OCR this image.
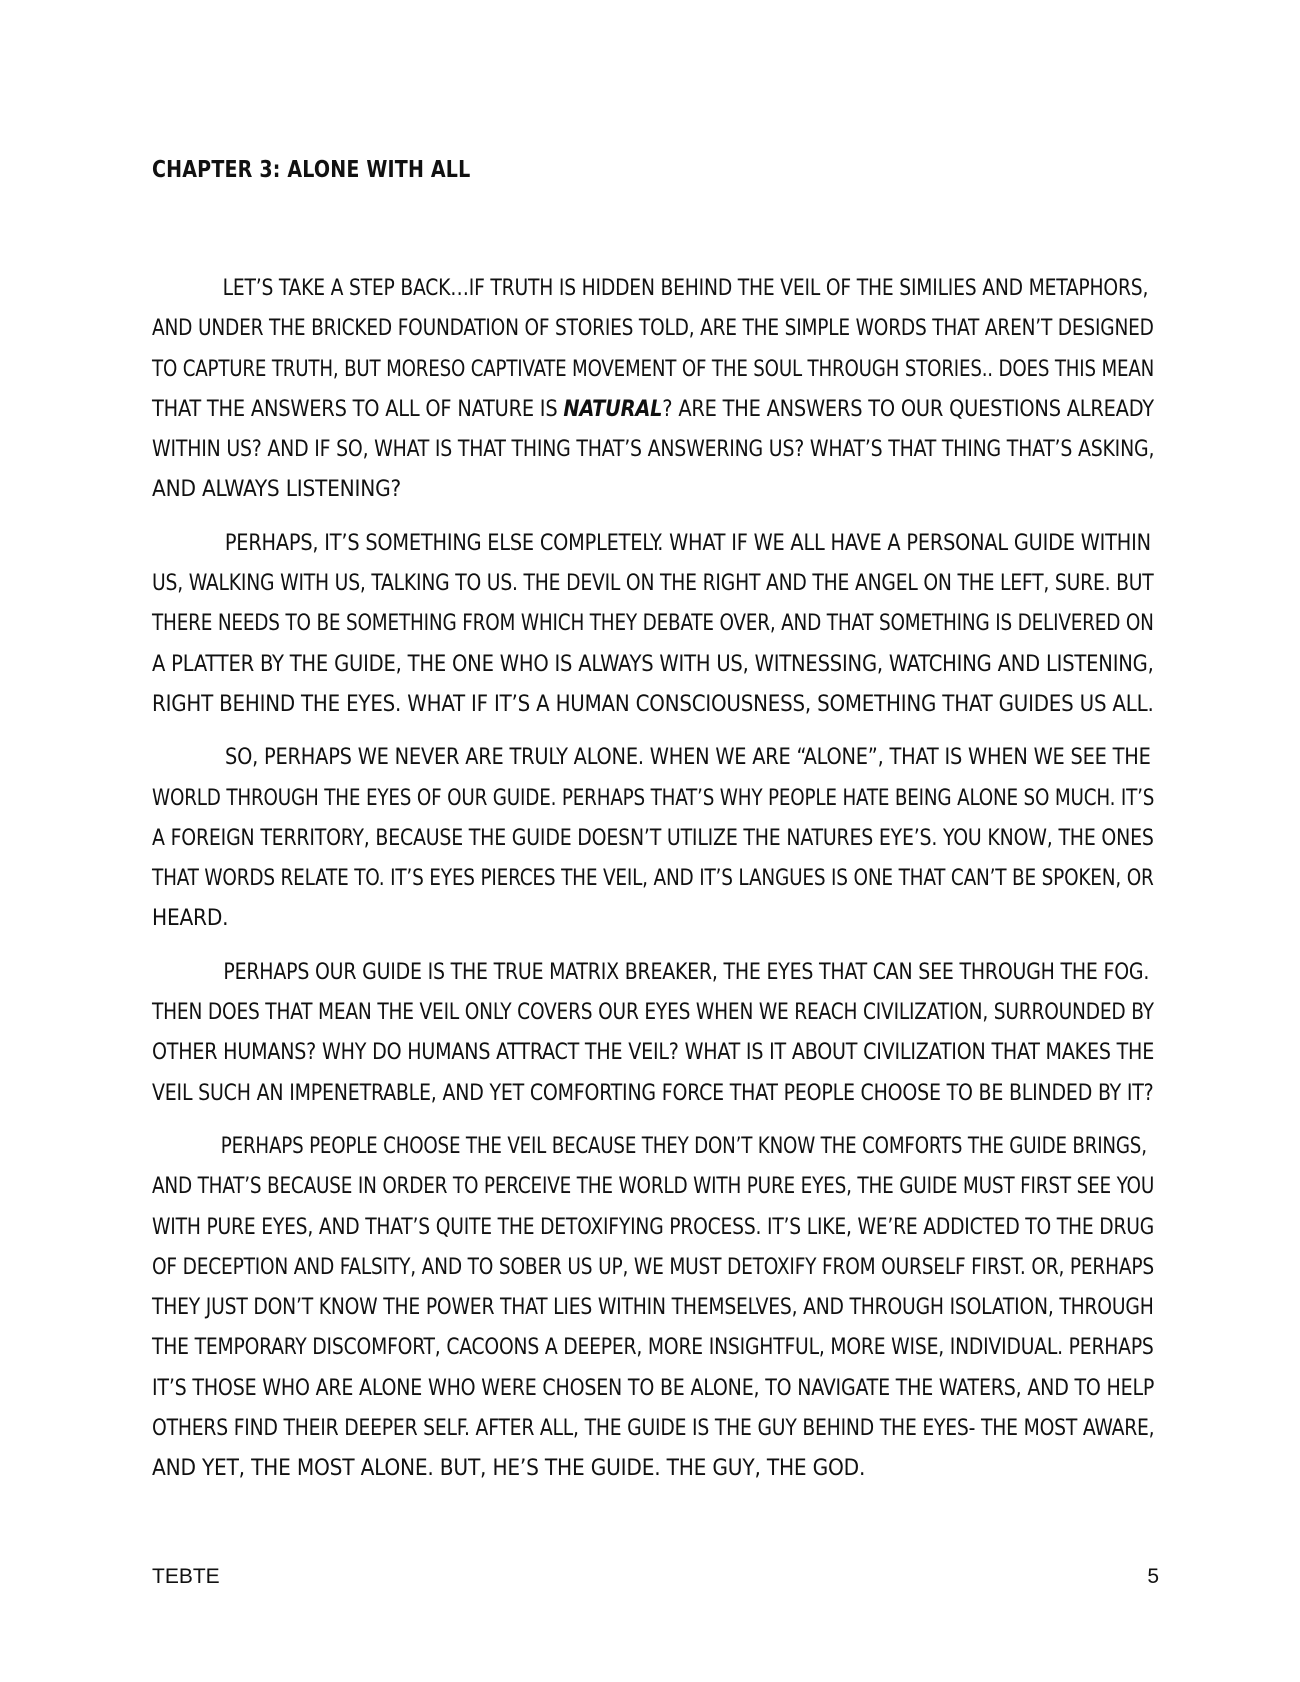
CHAPTER 3: ALONE WITH ALL

LET’S TAKE A STEP BACK…IF TRUTH IS HIDDEN BEHIND THE VEIL OF THE SIMILIES AND METAPHORS,
AND UNDER THE BRICKED FOUNDATION OF STORIES TOLD, ARE THE SIMPLE WORDS THAT AREN’T DESIGNED
TO CAPTURE TRUTH, BUT MORESO CAPTIVATE MOVEMENT OF THE SOUL THROUGH STORIES.. DOES THIS MEAN
THAT THE ANSWERS TO ALL OF NATURE IS NATURAL? ARE THE ANSWERS TO OUR QUESTIONS ALREADY
WITHIN US? AND IF SO, WHAT IS THAT THING THAT’S ANSWERING US? WHAT’S THAT THING THAT’S ASKING,
AND ALWAYS LISTENING?

PERHAPS, IT’S SOMETHING ELSE COMPLETELY. WHAT IF WE ALL HAVE A PERSONAL GUIDE WITHIN
US, WALKING WITH US, TALKING TO US. THE DEVIL ON THE RIGHT AND THE ANGEL ON THE LEFT, SURE. BUT
THERE NEEDS TO BE SOMETHING FROM WHICH THEY DEBATE OVER, AND THAT SOMETHING IS DELIVERED ON
A PLATTER BY THE GUIDE, THE ONE WHO IS ALWAYS WITH US, WITNESSING, WATCHING AND LISTENING,
RIGHT BEHIND THE EYES. WHAT IF IT’S A HUMAN CONSCIOUSNESS, SOMETHING THAT GUIDES US ALL.

SO, PERHAPS WE NEVER ARE TRULY ALONE. WHEN WE ARE “ALONE”, THAT IS WHEN WE SEE THE
WORLD THROUGH THE EYES OF OUR GUIDE. PERHAPS THAT’S WHY PEOPLE HATE BEING ALONE SO MUCH. IT’S
A FOREIGN TERRITORY, BECAUSE THE GUIDE DOESN’T UTILIZE THE NATURES EYE’S. YOU KNOW, THE ONES
THAT WORDS RELATE TO. IT’S EYES PIERCES THE VEIL, AND IT’S LANGUES IS ONE THAT CAN’T BE SPOKEN, OR
HEARD.

PERHAPS OUR GUIDE IS THE TRUE MATRIX BREAKER, THE EYES THAT CAN SEE THROUGH THE FOG.
THEN DOES THAT MEAN THE VEIL ONLY COVERS OUR EYES WHEN WE REACH CIVILIZATION, SURROUNDED BY
OTHER HUMANS? WHY DO HUMANS ATTRACT THE VEIL? WHAT IS IT ABOUT CIVILIZATION THAT MAKES THE
VEIL SUCH AN IMPENETRABLE, AND YET COMFORTING FORCE THAT PEOPLE CHOOSE TO BE BLINDED BY IT?

PERHAPS PEOPLE CHOOSE THE VEIL BECAUSE THEY DON’T KNOW THE COMFORTS THE GUIDE BRINGS,
AND THAT’S BECAUSE IN ORDER TO PERCEIVE THE WORLD WITH PURE EYES, THE GUIDE MUST FIRST SEE YOU
WITH PURE EYES, AND THAT’S QUITE THE DETOXIFYING PROCESS. IT’S LIKE, WE’RE ADDICTED TO THE DRUG
OF DECEPTION AND FALSITY, AND TO SOBER US UP, WE MUST DETOXIFY FROM OURSELF FIRST. OR, PERHAPS
THEY JUST DON’T KNOW THE POWER THAT LIES WITHIN THEMSELVES, AND THROUGH ISOLATION, THROUGH
THE TEMPORARY DISCOMFORT, CACOONS A DEEPER, MORE INSIGHTFUL, MORE WISE, INDIVIDUAL. PERHAPS
IT’S THOSE WHO ARE ALONE WHO WERE CHOSEN TO BE ALONE, TO NAVIGATE THE WATERS, AND TO HELP
OTHERS FIND THEIR DEEPER SELF. AFTER ALL, THE GUIDE IS THE GUY BEHIND THE EYES- THE MOST AWARE,
AND YET, THE MOST ALONE. BUT, HE’S THE GUIDE. THE GUY, THE GOD.

TEBTE	5
